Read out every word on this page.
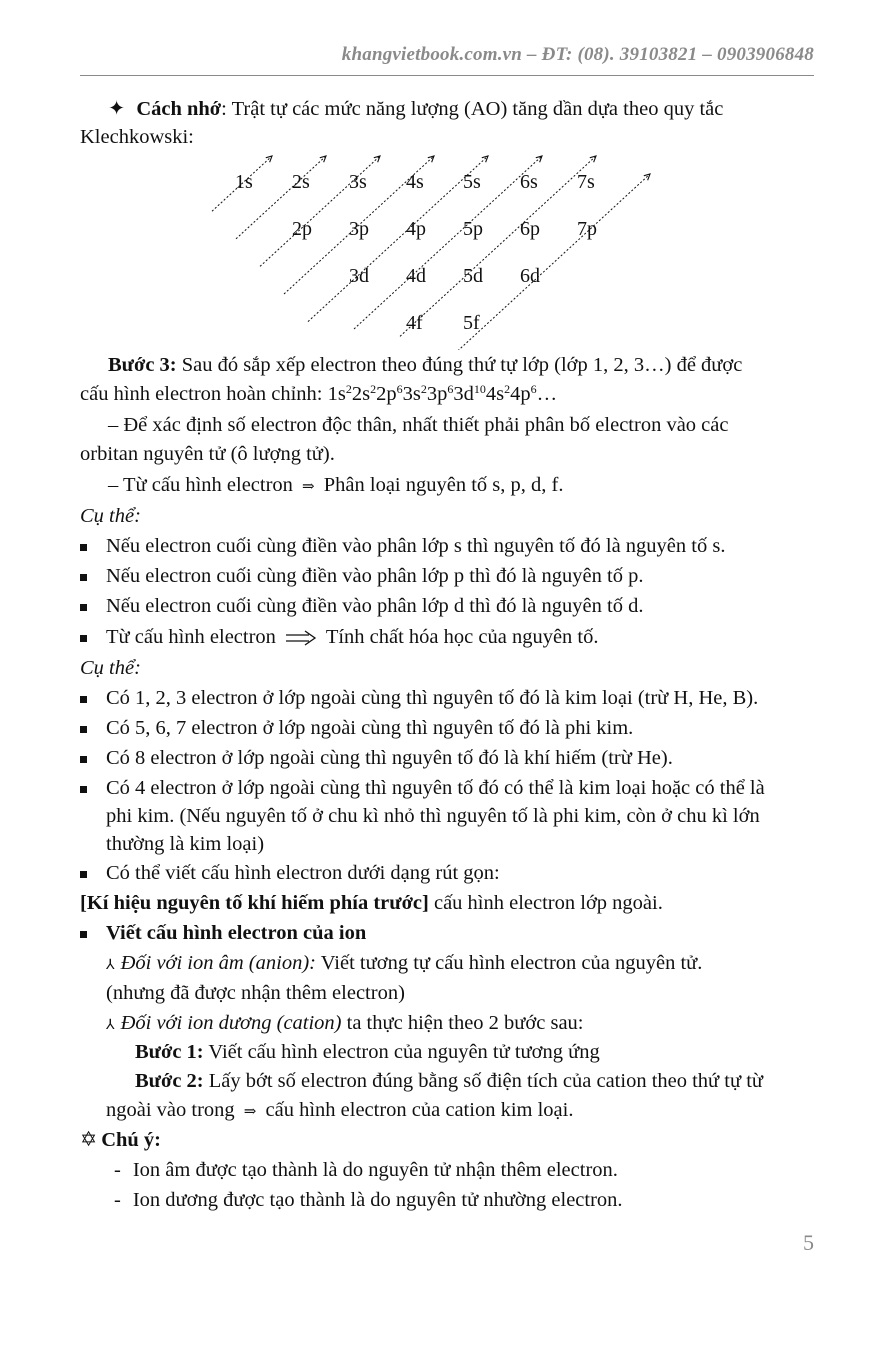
khangvietbook.com.vn – ĐT: (08). 39103821 – 0903906848
✦ Cách nhớ: Trật tự các mức năng lượng (AO) tăng dần dựa theo quy tắc
Klechkowski:
1s 2s 3s 4s 5s 6s 7s
2p 3p 4p 5p 6p 7p
3d 4d 5d 6d
4f 5f
Bước 3: Sau đó sắp xếp electron theo đúng thứ tự lớp (lớp 1, 2, 3…) để được
cấu hình electron hoàn chỉnh: $1s^22s^22p^63s^23p^63d^{10}4s^24p^6\dots$
– Để xác định số electron độc thân, nhất thiết phải phân bố electron vào các
orbitan nguyên tử (ô lượng tử).
– Từ cấu hình electron ⇒ Phân loại nguyên tố s, p, d, f.
Cụ thể:
Nếu electron cuối cùng điền vào phân lớp s thì nguyên tố đó là nguyên tố s.
Nếu electron cuối cùng điền vào phân lớp p thì đó là nguyên tố p.
Nếu electron cuối cùng điền vào phân lớp d thì đó là nguyên tố d.
Từ cấu hình electron Tính chất hóa học của nguyên tố.
Cụ thể:
Có 1, 2, 3 electron ở lớp ngoài cùng thì nguyên tố đó là kim loại (trừ H, He, B).
Có 5, 6, 7 electron ở lớp ngoài cùng thì nguyên tố đó là phi kim.
Có 8 electron ở lớp ngoài cùng thì nguyên tố đó là khí hiếm (trừ He).
Có 4 electron ở lớp ngoài cùng thì nguyên tố đó có thể là kim loại hoặc có thể là
phi kim. (Nếu nguyên tố ở chu kì nhỏ thì nguyên tố là phi kim, còn ở chu kì lớn
thường là kim loại)
Có thể viết cấu hình electron dưới dạng rút gọn:
[Kí hiệu nguyên tố khí hiếm phía trước] cấu hình electron lớp ngoài.
Viết cấu hình electron của ion
⅄ Đối với ion âm (anion): Viết tương tự cấu hình electron của nguyên tử.
(nhưng đã được nhận thêm electron)
⅄ Đối với ion dương (cation) ta thực hiện theo 2 bước sau:
Bước 1: Viết cấu hình electron của nguyên tử tương ứng
Bước 2: Lấy bớt số electron đúng bằng số điện tích của cation theo thứ tự từ
ngoài vào trong ⇒ cấu hình electron của cation kim loại.
✡ Chú ý:
- Ion âm được tạo thành là do nguyên tử nhận thêm electron.
- Ion dương được tạo thành là do nguyên tử nhường electron.
5
